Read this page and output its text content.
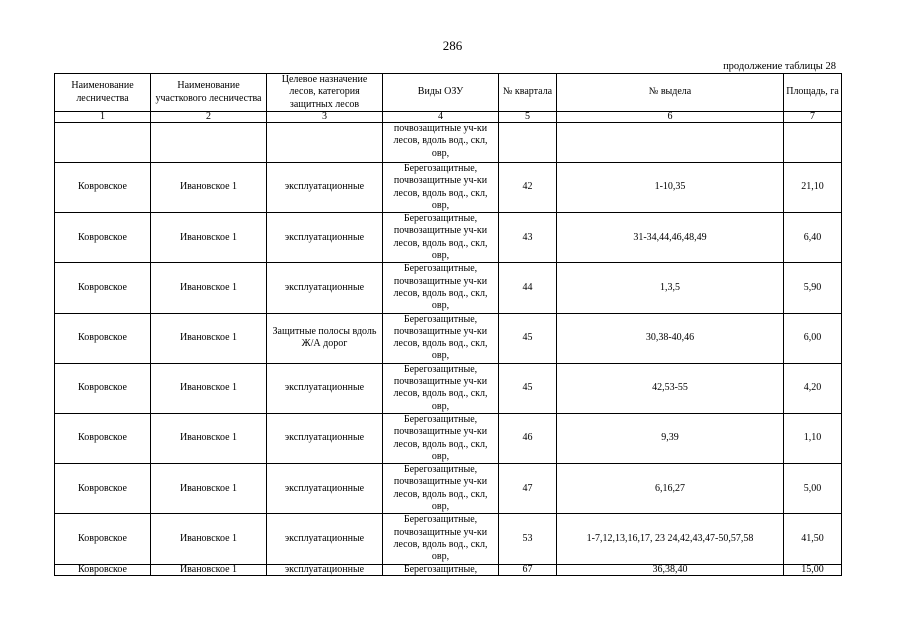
286
продолжение таблицы 28
Наименование лесничества	Наименование участкового лесничества	Целевое назначение лесов, категория защитных лесов	Виды ОЗУ	№ квартала	№ выдела	Площадь, га
1	2	3	4	5	6	7
			почвозащитные уч-ки лесов, вдоль вод., скл, овр,			
Ковровское	Ивановское 1	эксплуатационные	Берегозащитные, почвозащитные уч-ки лесов, вдоль вод., скл, овр,	42	1-10,35	21,10
Ковровское	Ивановское 1	эксплуатационные	Берегозащитные, почвозащитные уч-ки лесов, вдоль вод., скл, овр,	43	31-34,44,46,48,49	6,40
Ковровское	Ивановское 1	эксплуатационные	Берегозащитные, почвозащитные уч-ки лесов, вдоль вод., скл, овр,	44	1,3,5	5,90
Ковровское	Ивановское 1	Защитные полосы вдоль Ж/А дорог	Берегозащитные, почвозащитные уч-ки лесов, вдоль вод., скл, овр,	45	30,38-40,46	6,00
Ковровское	Ивановское 1	эксплуатационные	Берегозащитные, почвозащитные уч-ки лесов, вдоль вод., скл, овр,	45	42,53-55	4,20
Ковровское	Ивановское 1	эксплуатационные	Берегозащитные, почвозащитные уч-ки лесов, вдоль вод., скл, овр,	46	9,39	1,10
Ковровское	Ивановское 1	эксплуатационные	Берегозащитные, почвозащитные уч-ки лесов, вдоль вод., скл, овр,	47	6,16,27	5,00
Ковровское	Ивановское 1	эксплуатационные	Берегозащитные, почвозащитные уч-ки лесов, вдоль вод., скл, овр,	53	1-7,12,13,16,17, 23 24,42,43,47-50,57,58	41,50
Ковровское	Ивановское 1	эксплуатационные	Берегозащитные,	67	36,38,40	15,00
